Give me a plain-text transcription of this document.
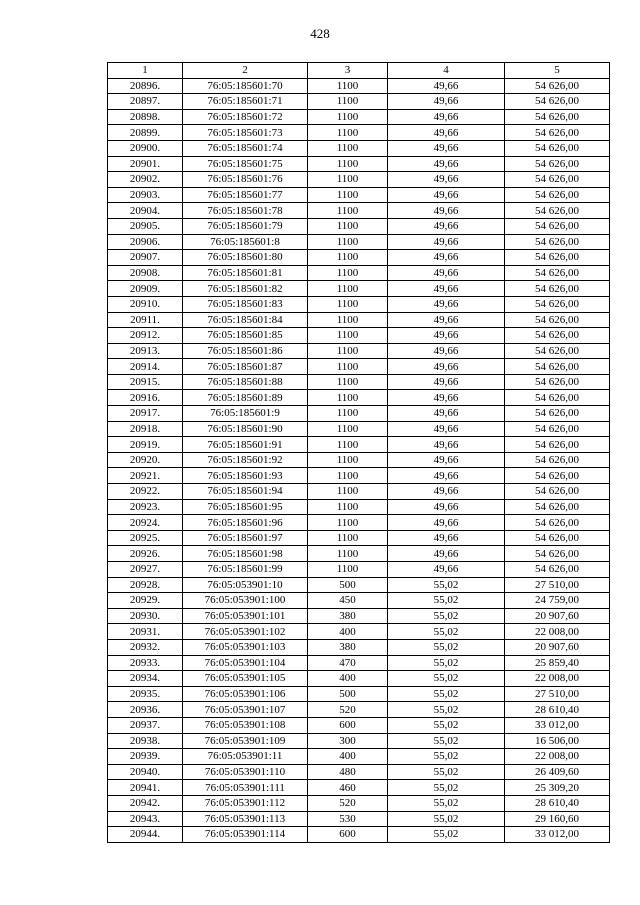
428
1	2	3	4	5
20896.	76:05:185601:70	1100	49,66	54 626,00
20897.	76:05:185601:71	1100	49,66	54 626,00
20898.	76:05:185601:72	1100	49,66	54 626,00
20899.	76:05:185601:73	1100	49,66	54 626,00
20900.	76:05:185601:74	1100	49,66	54 626,00
20901.	76:05:185601:75	1100	49,66	54 626,00
20902.	76:05:185601:76	1100	49,66	54 626,00
20903.	76:05:185601:77	1100	49,66	54 626,00
20904.	76:05:185601:78	1100	49,66	54 626,00
20905.	76:05:185601:79	1100	49,66	54 626,00
20906.	76:05:185601:8	1100	49,66	54 626,00
20907.	76:05:185601:80	1100	49,66	54 626,00
20908.	76:05:185601:81	1100	49,66	54 626,00
20909.	76:05:185601:82	1100	49,66	54 626,00
20910.	76:05:185601:83	1100	49,66	54 626,00
20911.	76:05:185601:84	1100	49,66	54 626,00
20912.	76:05:185601:85	1100	49,66	54 626,00
20913.	76:05:185601:86	1100	49,66	54 626,00
20914.	76:05:185601:87	1100	49,66	54 626,00
20915.	76:05:185601:88	1100	49,66	54 626,00
20916.	76:05:185601:89	1100	49,66	54 626,00
20917.	76:05:185601:9	1100	49,66	54 626,00
20918.	76:05:185601:90	1100	49,66	54 626,00
20919.	76:05:185601:91	1100	49,66	54 626,00
20920.	76:05:185601:92	1100	49,66	54 626,00
20921.	76:05:185601:93	1100	49,66	54 626,00
20922.	76:05:185601:94	1100	49,66	54 626,00
20923.	76:05:185601:95	1100	49,66	54 626,00
20924.	76:05:185601:96	1100	49,66	54 626,00
20925.	76:05:185601:97	1100	49,66	54 626,00
20926.	76:05:185601:98	1100	49,66	54 626,00
20927.	76:05:185601:99	1100	49,66	54 626,00
20928.	76:05:053901:10	500	55,02	27 510,00
20929.	76:05:053901:100	450	55,02	24 759,00
20930.	76:05:053901:101	380	55,02	20 907,60
20931.	76:05:053901:102	400	55,02	22 008,00
20932.	76:05:053901:103	380	55,02	20 907,60
20933.	76:05:053901:104	470	55,02	25 859,40
20934.	76:05:053901:105	400	55,02	22 008,00
20935.	76:05:053901:106	500	55,02	27 510,00
20936.	76:05:053901:107	520	55,02	28 610,40
20937.	76:05:053901:108	600	55,02	33 012,00
20938.	76:05:053901:109	300	55,02	16 506,00
20939.	76:05:053901:11	400	55,02	22 008,00
20940.	76:05:053901:110	480	55,02	26 409,60
20941.	76:05:053901:111	460	55,02	25 309,20
20942.	76:05:053901:112	520	55,02	28 610,40
20943.	76:05:053901:113	530	55,02	29 160,60
20944.	76:05:053901:114	600	55,02	33 012,00
